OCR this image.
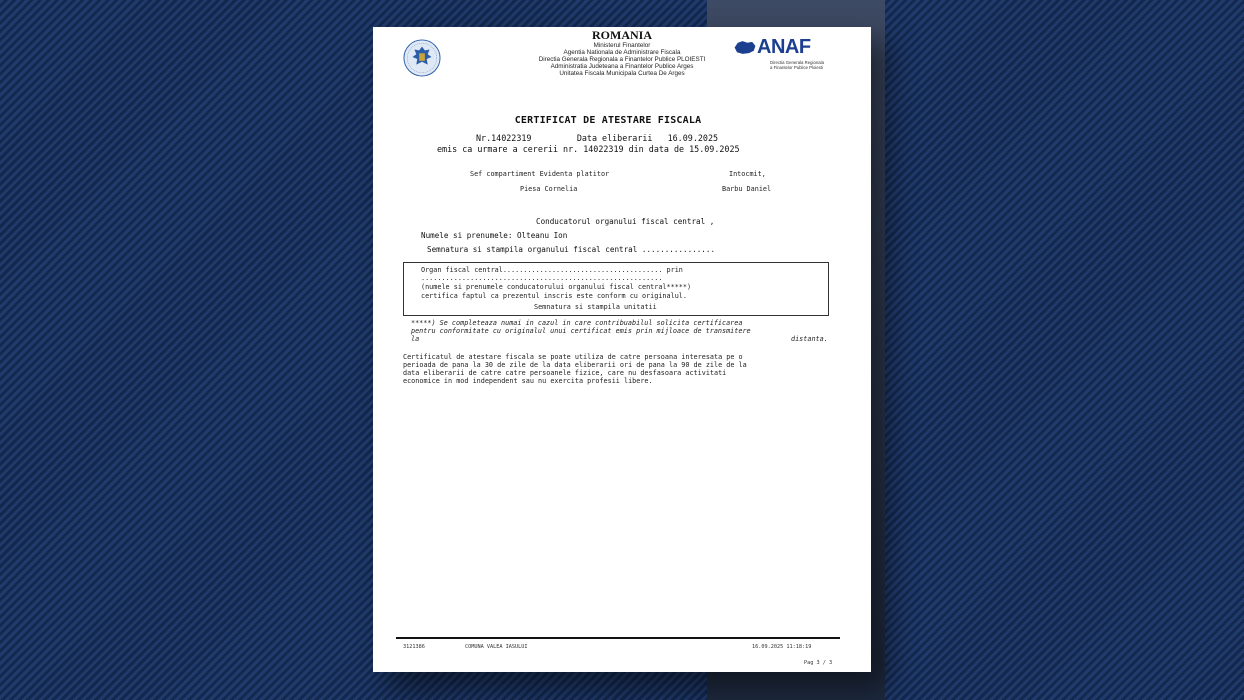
ROMANIA
Ministerul Finantelor
Agentia Nationala de Administrare Fiscala
Directia Generala Regionala a Finantelor Publice PLOIESTI
Administratia Judeteana a Finantelor Publice Arges
Unitatea Fiscala Municipala Curtea De Arges
ANAF
Directia Generala Regionala
a Finantelor Publice Ploiesti
CERTIFICAT DE ATESTARE FISCALA
Nr.14022319         Data eliberarii   16.09.2025
emis ca urmare a cererii nr. 14022319 din data de 15.09.2025
Sef compartiment Evidenta platitor	Intocmit,
Piesa Cornelia	Barbu Daniel
Conducatorul organului fiscal central ,
Numele si prenumele: Olteanu Ion
Semnatura si stampila organului fiscal central ................
Organ fiscal central....................................... prin
...........................................................
(numele si prenumele conducatorului organului fiscal central*****)
certifica faptul ca prezentul inscris este conform cu originalul.
Semnatura si stampila unitatii
*****) Se completeaza numai in cazul in care contribuabilul solicita certificarea
pentru conformitate cu originalul unui certificat emis prin mijloace de transmitere
la	distanta.
Certificatul de atestare fiscala se poate utiliza de catre persoana interesata pe o
perioada de pana la 30 de zile de la data eliberarii ori de pana la 90 de zile de la
data eliberarii de catre catre persoanele fizice, care nu desfasoara activitati
economice in mod independent sau nu exercita profesii libere.
3121386	COMUNA VALEA IASULUI	16.09.2025 11:18:19
Pag 3 / 3
